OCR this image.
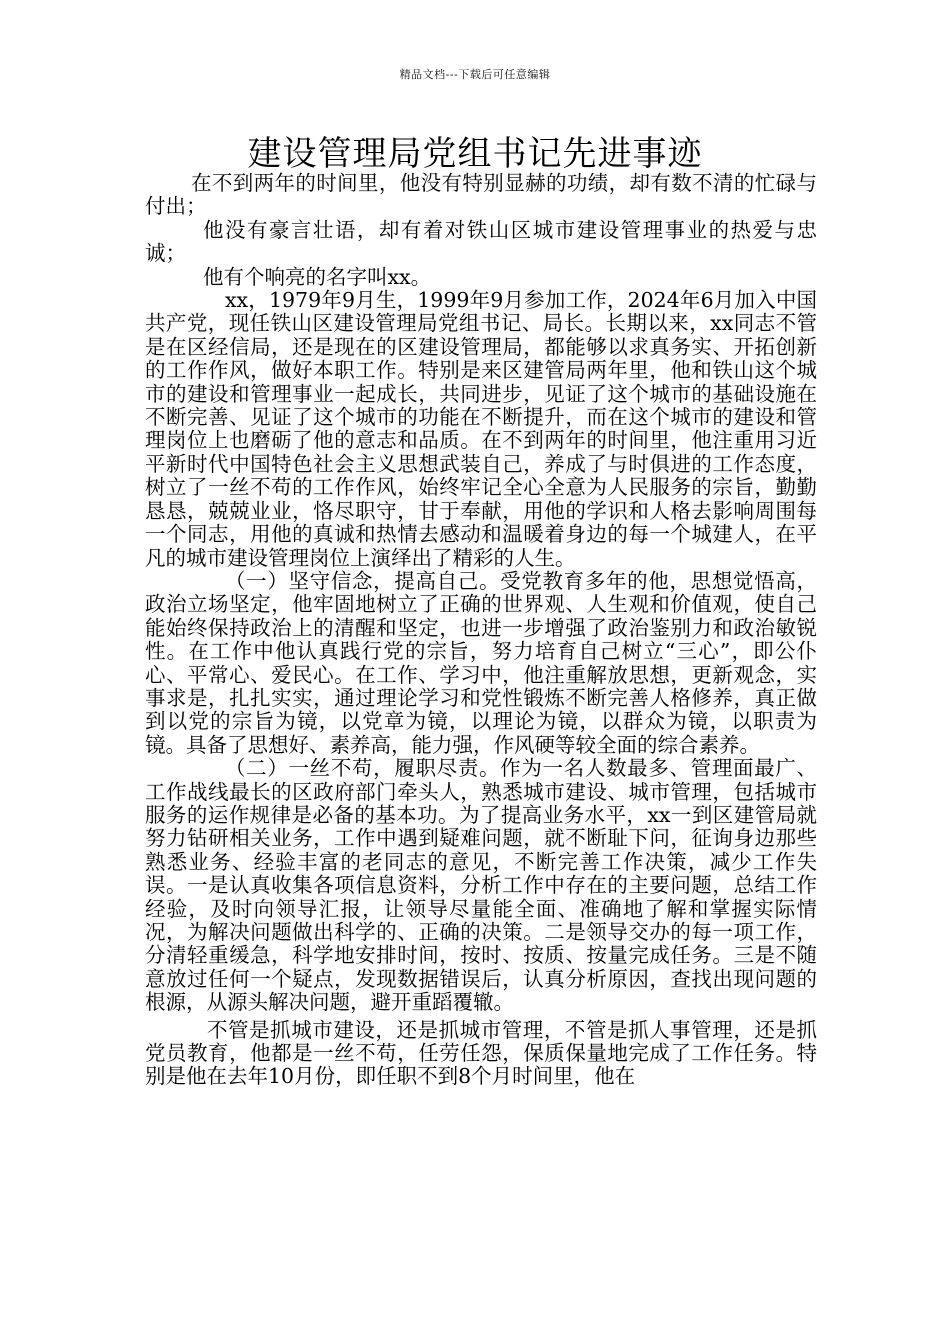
精品文档---下载后可任意编辑
建设管理局党组书记先进事迹

在不到两年的时间里，他没有特别显赫的功绩，却有数不清的忙碌与付出；

他没有豪言壮语，却有着对铁山区城市建设管理事业的热爱与忠诚；

他有个响亮的名字叫xx。

xx，1979年9月生，1999年9月参加工作，2024年6月加入中国共产党，现任铁山区建设管理局党组书记、局长。长期以来，xx同志不管是在区经信局，还是现在的区建设管理局，都能够以求真务实、开拓创新的工作作风，做好本职工作。特别是来区建管局两年里，他和铁山这个城市的建设和管理事业一起成长，共同进步，见证了这个城市的基础设施在不断完善、见证了这个城市的功能在不断提升，而在这个城市的建设和管理岗位上也磨砺了他的意志和品质。在不到两年的时间里，他注重用习近平新时代中国特色社会主义思想武装自己，养成了与时俱进的工作态度，树立了一丝不苟的工作作风，始终牢记全心全意为人民服务的宗旨，勤勤恳恳，兢兢业业，恪尽职守，甘于奉献，用他的学识和人格去影响周围每一个同志，用他的真诚和热情去感动和温暖着身边的每一个城建人，在平凡的城市建设管理岗位上演绎出了精彩的人生。

（一）坚守信念，提高自己。受党教育多年的他，思想觉悟高，政治立场坚定，他牢固地树立了正确的世界观、人生观和价值观，使自己能始终保持政治上的清醒和坚定，也进一步增强了政治鉴别力和政治敏锐性。在工作中他认真践行党的宗旨，努力培育自己树立“三心”，即公仆心、平常心、爱民心。在工作、学习中，他注重解放思想，更新观念，实事求是，扎扎实实，通过理论学习和党性锻炼不断完善人格修养，真正做到以党的宗旨为镜，以党章为镜，以理论为镜，以群众为镜，以职责为镜。具备了思想好、素养高，能力强，作风硬等较全面的综合素养。

（二）一丝不苟，履职尽责。作为一名人数最多、管理面最广、工作战线最长的区政府部门牵头人，熟悉城市建设、城市管理，包括城市服务的运作规律是必备的基本功。为了提高业务水平，xx一到区建管局就努力钻研相关业务，工作中遇到疑难问题，就不断耻下问，征询身边那些熟悉业务、经验丰富的老同志的意见，不断完善工作决策，减少工作失误。一是认真收集各项信息资料，分析工作中存在的主要问题，总结工作经验，及时向领导汇报，让领导尽量能全面、准确地了解和掌握实际情况，为解决问题做出科学的、正确的决策。二是领导交办的每一项工作，分清轻重缓急，科学地安排时间，按时、按质、按量完成任务。三是不随意放过任何一个疑点，发现数据错误后，认真分析原因，查找出现问题的根源，从源头解决问题，避开重蹈覆辙。

不管是抓城市建设，还是抓城市管理，不管是抓人事管理，还是抓党员教育，他都是一丝不苟，任劳任怨，保质保量地完成了工作任务。特别是他在去年10月份，即任职不到8个月时间里，他在
